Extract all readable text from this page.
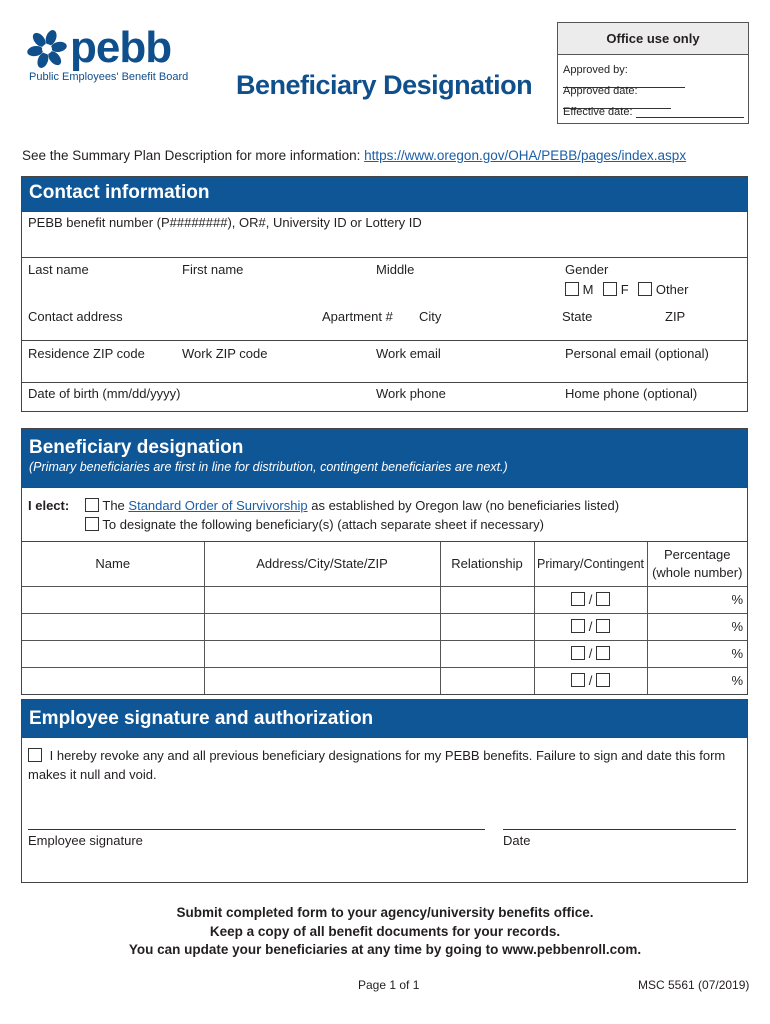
pebb
Public Employees' Benefit Board Beneficiary Designation
Office use only
Approved by:
Approved date:
Effective date:
See the Summary Plan Description for more information: https://www.oregon.gov/OHA/PEBB/pages/index.aspx
Contact information
PEBB benefit number (P########), OR#, University ID or Lottery ID
Last name	First name	Middle	Gender
M F Other
Contact address	Apartment # City	State	ZIP
Residence ZIP code	Work ZIP code	Work email	Personal email (optional)
Date of birth (mm/dd/yyyy)	Work phone	Home phone (optional)
Beneficiary designation
(Primary beneficiaries are first in line for distribution, contingent beneficiaries are next.)
I elect:	The Standard Order of Survivorship as established by Oregon law (no beneficiaries listed)
To designate the following beneficiary(s) (attach separate sheet if necessary)
Name	Address/City/State/ZIP	Relationship	Primary/Contingent	Percentage
(whole number)

			/	%
			/	%
			/	%
			/	%
Employee signature and authorization
I hereby revoke any and all previous beneficiary designations for my PEBB benefits. Failure to sign and date this form
makes it null and void.
Employee signature	Date
Submit completed form to your agency/university benefits office.
Keep a copy of all benefit documents for your records.
You can update your beneficiaries at any time by going to www.pebbenroll.com.
Page 1 of 1	MSC 5561 (07/2019)
